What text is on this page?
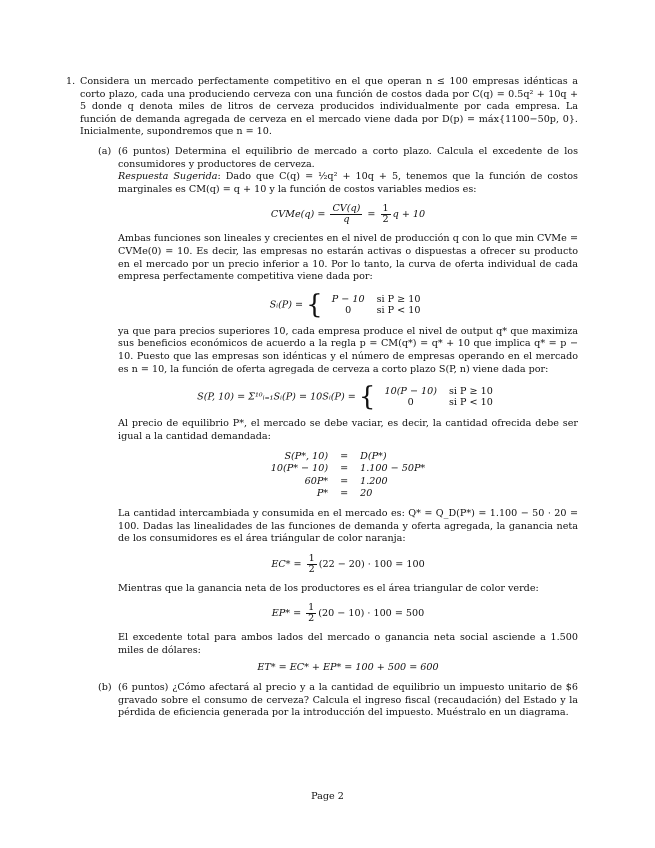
1. Considera un mercado perfectamente competitivo en el que operan n ≤ 100 empresas idénticas a corto plazo, cada una produciendo cerveza con una función de costos dada por C(q) = 0.5q² + 10q + 5 donde q denota miles de litros de cerveza producidos individualmente por cada empresa. La función de demanda agregada de cerveza en el mercado viene dada por D(p) = máx{1100−50p, 0}. Inicialmente, supondremos que n = 10.

(a) (6 puntos) Determina el equilibrio de mercado a corto plazo. Calcula el excedente de los consumidores y productores de cerveza.

Respuesta Sugerida: Dado que C(q) = ½q² + 10q + 5, tenemos que la función de costos marginales es CM(q) = q + 10 y la función de costos variables medios es:

CVMe(q) = $\frac{CV(q)}{q} = \frac{1}{2}$ q + 10

Ambas funciones son lineales y crecientes en el nivel de producción q con lo que min CVMe = CVMe(0) = 10. Es decir, las empresas no estarán activas o dispuestas a ofrecer su producto en el mercado por un precio inferior a 10. Por lo tanto, la curva de oferta individual de cada empresa perfectamente competitiva viene dada por:

Sᵢ(P) = { P − 10	si P ≥ 10
0	si P < 10

ya que para precios superiores 10, cada empresa produce el nivel de output q* que maximiza sus beneficios económicos de acuerdo a la regla p = CM(q*) = q* + 10 que implica q* = p − 10. Puesto que las empresas son idénticas y el número de empresas operando en el mercado es n = 10, la función de oferta agregada de cerveza a corto plazo S(P, n) viene dada por:

S(P, 10) = Σ¹⁰ᵢ₌₁Sᵢ(P) = 10Sᵢ(P) = { 10(P − 10)	si P ≥ 10
0	si P < 10

Al precio de equilibrio P*, el mercado se debe vaciar, es decir, la cantidad ofrecida debe ser igual a la cantidad demandada:

S(P*, 10)	=	D(P*)
10(P* − 10)	=	1.100 − 50P*
60P*	=	1.200
P*	=	20

La cantidad intercambiada y consumida en el mercado es: Q* = Q_D(P*) = 1.100 − 50 · 20 = 100. Dadas las linealidades de las funciones de demanda y oferta agregada, la ganancia neta de los consumidores es el área triángular de color naranja:

$EC* = \frac{1}{2} (22 - 20) \cdot 100 = 100$

Mientras que la ganancia neta de los productores es el área triangular de color verde:

$EP* = \frac{1}{2} (20 - 10) \cdot 100 = 500$

El excedente total para ambos lados del mercado o ganancia neta social asciende a 1.500 miles de dólares:

ET* = EC* + EP* = 100 + 500 = 600
(b) (6 puntos) ¿Cómo afectará al precio y a la cantidad de equilibrio un impuesto unitario de $6 gravado sobre el consumo de cerveza? Calcula el ingreso fiscal (recaudación) del Estado y la pérdida de eficiencia generada por la introducción del impuesto. Muéstralo en un diagrama.

Page 2
